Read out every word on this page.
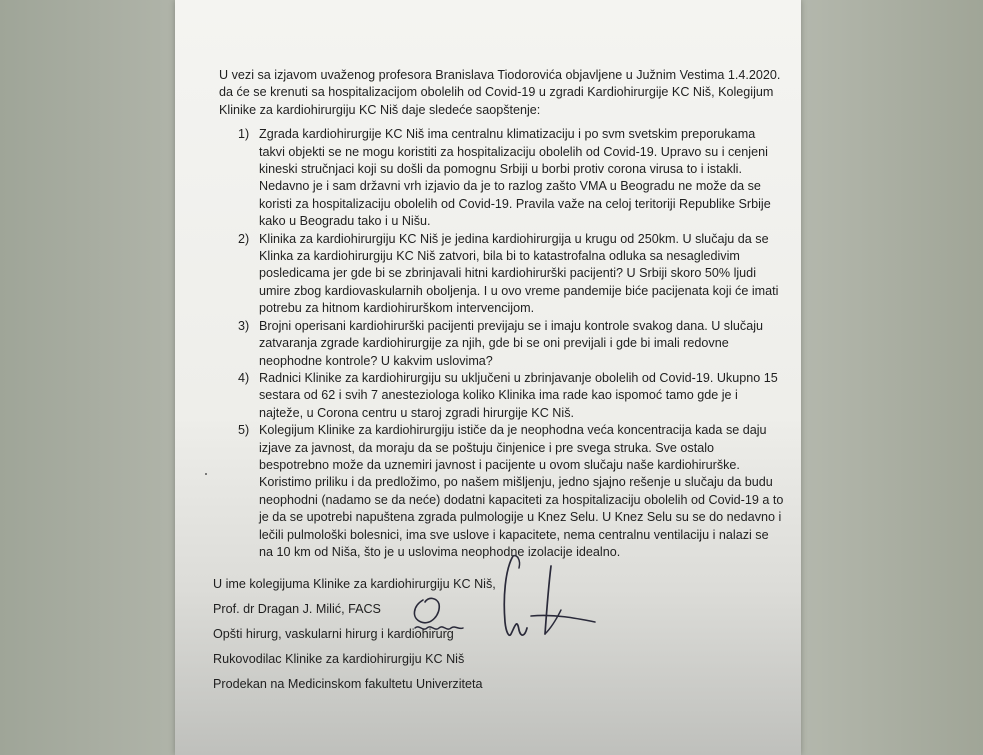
U vezi sa izjavom uvaženog profesora Branislava Tiodorovića objavljene u Južnim Vestima 1.4.2020. da će se krenuti sa hospitalizacijom obolelih od Covid-19 u zgradi Kardiohirurgije KC Niš, Kolegijum Klinike za kardiohirurgiju KC Niš daje sledeće saopštenje:

1) Zgrada kardiohirurgije KC Niš ima centralnu klimatizaciju i po svm svetskim preporukama takvi objekti se ne mogu koristiti za hospitalizaciju obolelih od Covid-19. Upravo su i cenjeni kineski stručnjaci koji su došli da pomognu Srbiji u borbi protiv corona virusa to i istakli. Nedavno je i sam državni vrh izjavio da je to razlog zašto VMA u Beogradu ne može da se koristi za hospitalizaciju obolelih od Covid-19. Pravila važe na celoj teritoriji Republike Srbije kako u Beogradu tako i u Nišu.
2) Klinika za kardiohirurgiju KC Niš je jedina kardiohirurgija u krugu od 250km. U slučaju da se Klinka za kardiohirurgiju KC Niš zatvori, bila bi to katastrofalna odluka sa nesagledivim posledicama jer gde bi se zbrinjavali hitni kardiohirurški pacijenti? U Srbiji skoro 50% ljudi umire zbog kardiovaskularnih oboljenja. I u ovo vreme pandemije biće pacijenata koji će imati potrebu za hitnom kardiohirurškom intervencijom.
3) Brojni operisani kardiohirurški pacijenti previjaju se i imaju kontrole svakog dana. U slučaju zatvaranja zgrade kardiohirurgije za njih, gde bi se oni previjali i gde bi imali redovne neophodne kontrole? U kakvim uslovima?
4) Radnici Klinike za kardiohirurgiju su uključeni u zbrinjavanje obolelih od Covid-19. Ukupno 15 sestara od 62 i svih 7 anesteziologa koliko Klinika ima rade kao ispomoć tamo gde je i najteže, u Corona centru u staroj zgradi hirurgije KC Niš.
5) Kolegijum Klinike za kardiohirurgiju ističe da je neophodna veća koncentracija kada se daju izjave za javnost, da moraju da se poštuju činjenice i pre svega struka. Sve ostalo bespotrebno može da uznemiri javnost i pacijente u ovom slučaju naše kardiohirurške. Koristimo priliku i da predložimo, po našem mišljenju, jedno sjajno rešenje u slučaju da budu neophodni (nadamo se da neće) dodatni kapaciteti za hospitalizaciju obolelih od Covid-19 a to je da se upotrebi napuštena zgrada pulmologije u Knez Selu. U Knez Selu su se do nedavno i lečili pulmološki bolesnici, ima sve uslove i kapacitete, nema centralnu ventilaciju i nalazi se na 10 km od Niša, što je u uslovima neophodne izolacije idealno.
U ime kolegijuma Klinike za kardiohirurgiju KC Niš,
Prof. dr Dragan J. Milić, FACS
Opšti hirurg, vaskularni hirurg i kardiohirurg
Rukovodilac Klinike za kardiohirurgiju KC Niš
Prodekan na Medicinskom fakultetu Univerziteta
